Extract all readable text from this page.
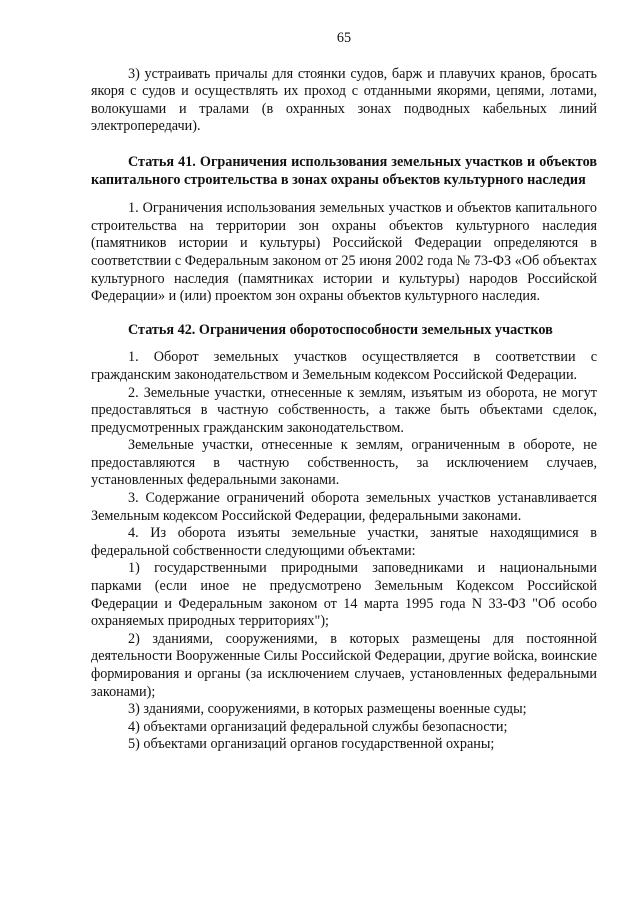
65

3) устраивать причалы для стоянки судов, барж и плавучих кранов, бросать якоря с судов и осуществлять их проход с отданными якорями, цепями, лотами, волокушами и тралами (в охранных зонах подводных кабельных линий электропередачи).

Статья 41. Ограничения использования земельных участков и объектов капитального строительства в зонах охраны объектов культурного наследия

1. Ограничения использования земельных участков и объектов капитального строительства на территории зон охраны объектов культурного наследия (памятников истории и культуры) Российской Федерации определяются в соответствии с Федеральным законом от 25 июня 2002 года № 73-ФЗ «Об объектах культурного наследия (памятниках истории и культуры) народов Российской Федерации» и (или) проектом зон охраны объектов культурного наследия.

Статья 42. Ограничения оборотоспособности земельных участков

1. Оборот земельных участков осуществляется в соответствии с гражданским законодательством и Земельным кодексом Российской Федерации.

2. Земельные участки, отнесенные к землям, изъятым из оборота, не могут предоставляться в частную собственность, а также быть объектами сделок, предусмотренных гражданским законодательством.

Земельные участки, отнесенные к землям, ограниченным в обороте, не предоставляются в частную собственность, за исключением случаев, установленных федеральными законами.

3. Содержание ограничений оборота земельных участков устанавливается Земельным кодексом Российской Федерации, федеральными законами.

4. Из оборота изъяты земельные участки, занятые находящимися в федеральной собственности следующими объектами:

1) государственными природными заповедниками и национальными парками (если иное не предусмотрено Земельным Кодексом Российской Федерации и Федеральным законом от 14 марта 1995 года N 33-ФЗ "Об особо охраняемых природных территориях");

2) зданиями, сооружениями, в которых размещены для постоянной деятельности Вооруженные Силы Российской Федерации, другие войска, воинские формирования и органы (за исключением случаев, установленных федеральными законами);

3) зданиями, сооружениями, в которых размещены военные суды;

4) объектами организаций федеральной службы безопасности;

5) объектами организаций органов государственной охраны;
